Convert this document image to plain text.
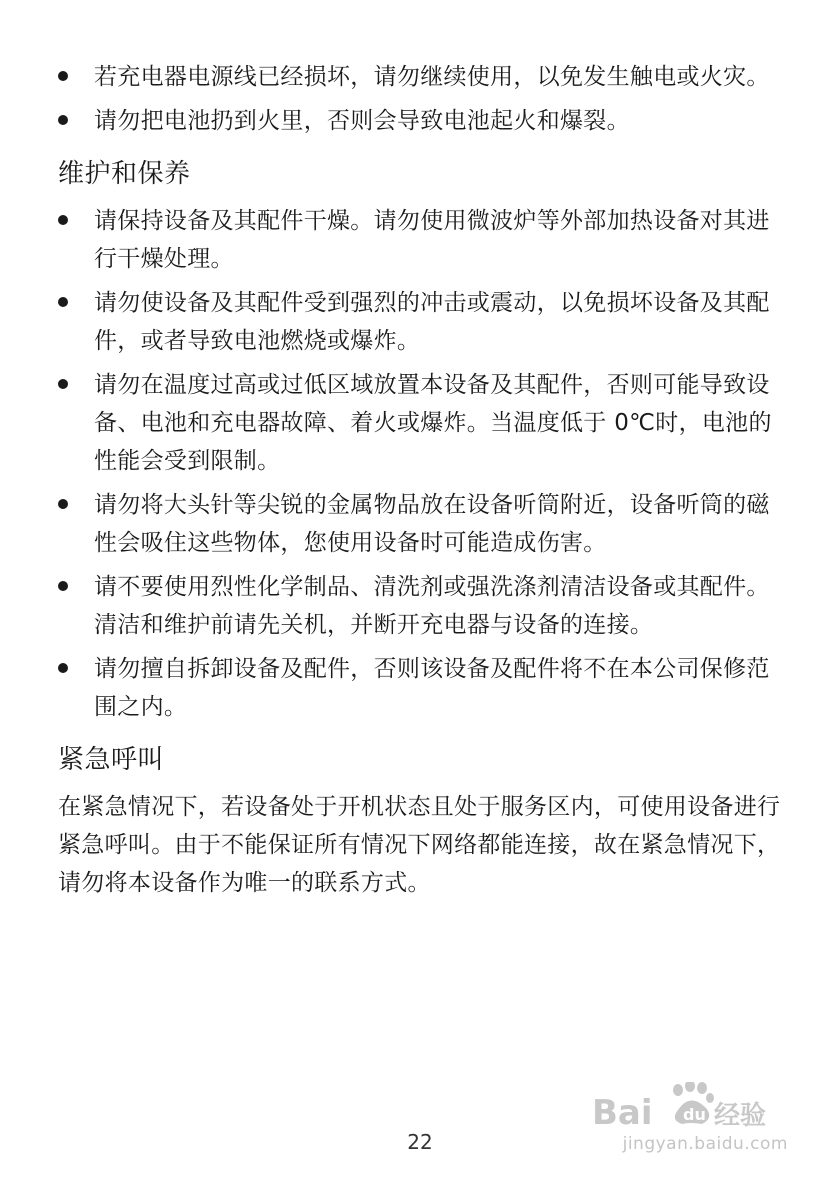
若充电器电源线已经损坏，请勿继续使用，以免发生触电或火灾。
请勿把电池扔到火里，否则会导致电池起火和爆裂。
维护和保养
请保持设备及其配件干燥。请勿使用微波炉等外部加热设备对其进行干燥处理。
请勿使设备及其配件受到强烈的冲击或震动，以免损坏设备及其配件，或者导致电池燃烧或爆炸。
请勿在温度过高或过低区域放置本设备及其配件，否则可能导致设备、电池和充电器故障、着火或爆炸。当温度低于 0℃时，电池的性能会受到限制。
请勿将大头针等尖锐的金属物品放在设备听筒附近，设备听筒的磁性会吸住这些物体，您使用设备时可能造成伤害。
请不要使用烈性化学制品、清洗剂或强洗涤剂清洁设备或其配件。清洁和维护前请先关机，并断开充电器与设备的连接。
请勿擅自拆卸设备及配件，否则该设备及配件将不在本公司保修范围之内。
紧急呼叫

在紧急情况下，若设备处于开机状态且处于服务区内，可使用设备进行紧急呼叫。由于不能保证所有情况下网络都能连接，故在紧急情况下，请勿将本设备作为唯一的联系方式。

22
Bai 经验
du
jingyan.baidu.com
